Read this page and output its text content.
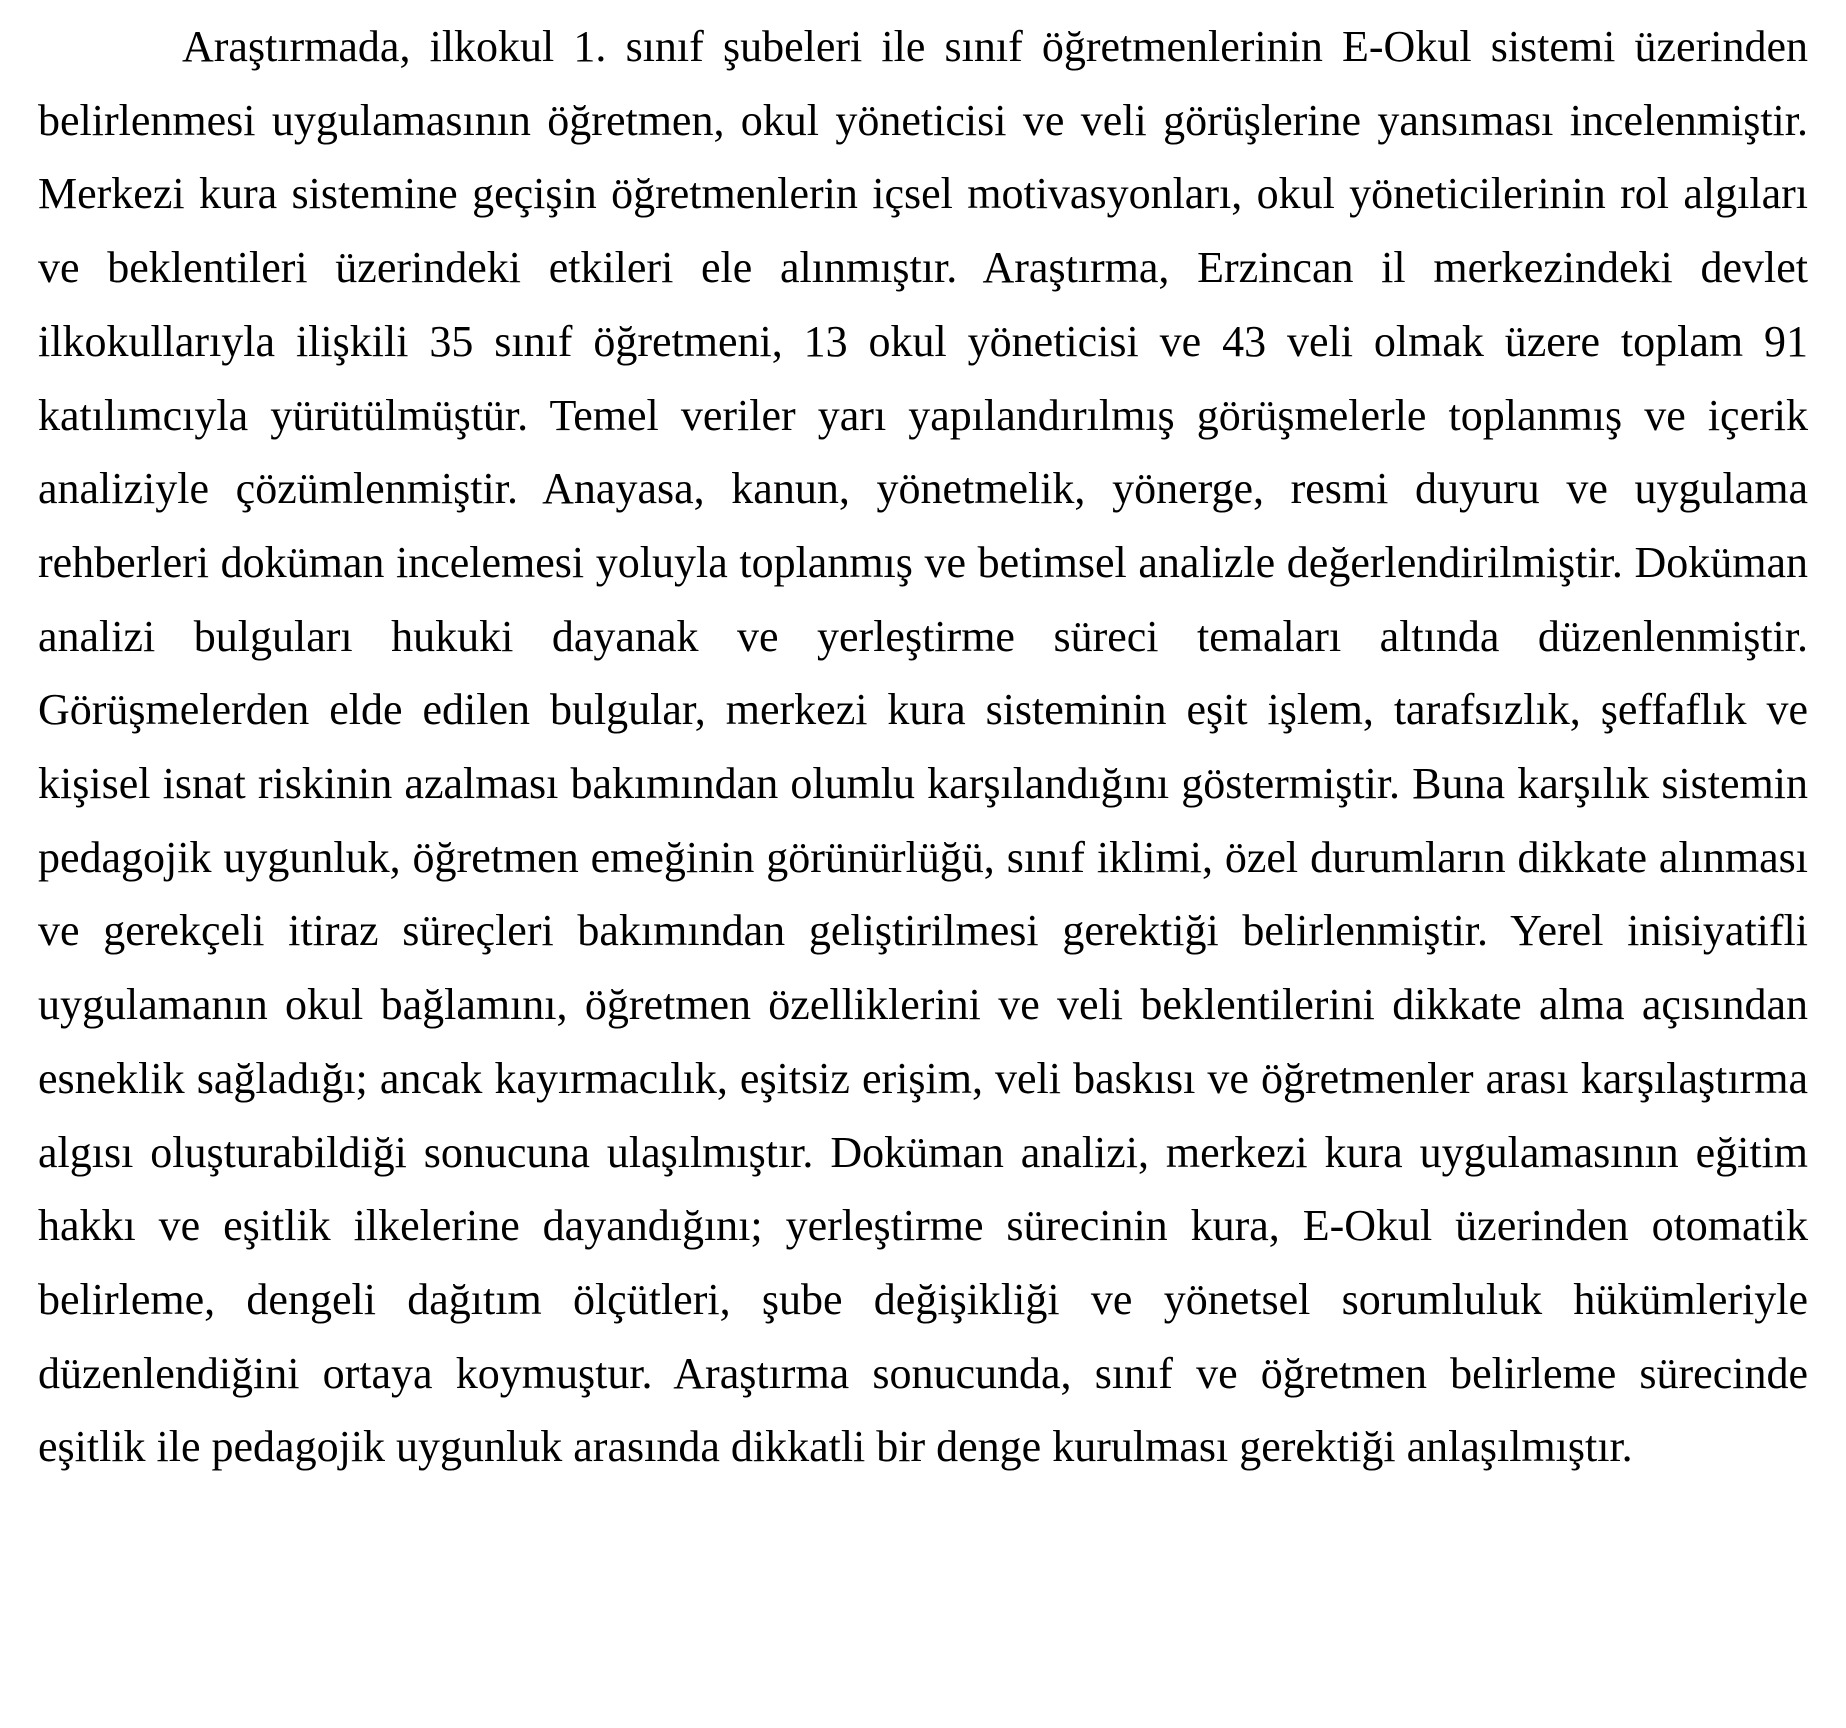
Araştırmada, ilkokul 1. sınıf şubeleri ile sınıf öğretmenlerinin E-Okul sistemi üzerinden belirlenmesi uygulamasının öğretmen, okul yöneticisi ve veli görüşlerine yansıması incelenmiştir. Merkezi kura sistemine geçişin öğretmenlerin içsel motivasyonları, okul yöneticilerinin rol algıları ve beklentileri üzerindeki etkileri ele alınmıştır. Araştırma, Erzincan il merkezindeki devlet ilkokullarıyla ilişkili 35 sınıf öğretmeni, 13 okul yöneticisi ve 43 veli olmak üzere toplam 91 katılımcıyla yürütülmüştür. Temel veriler yarı yapılandırılmış görüşmelerle toplanmış ve içerik analiziyle çözümlenmiştir. Anayasa, kanun, yönetmelik, yönerge, resmi duyuru ve uygulama rehberleri doküman incelemesi yoluyla toplanmış ve betimsel analizle değerlendirilmiştir. Doküman analizi bulguları hukuki dayanak ve yerleştirme süreci temaları altında düzenlenmiştir. Görüşmelerden elde edilen bulgular, merkezi kura sisteminin eşit işlem, tarafsızlık, şeffaflık ve kişisel isnat riskinin azalması bakımından olumlu karşılandığını göstermiştir. Buna karşılık sistemin pedagojik uygunluk, öğretmen emeğinin görünürlüğü, sınıf iklimi, özel durumların dikkate alınması ve gerekçeli itiraz süreçleri bakımından geliştirilmesi gerektiği belirlenmiştir. Yerel inisiyatifli uygulamanın okul bağlamını, öğretmen özelliklerini ve veli beklentilerini dikkate alma açısından esneklik sağladığı; ancak kayırmacılık, eşitsiz erişim, veli baskısı ve öğretmenler arası karşılaştırma algısı oluşturabildiği sonucuna ulaşılmıştır. Doküman analizi, merkezi kura uygulamasının eğitim hakkı ve eşitlik ilkelerine dayandığını; yerleştirme sürecinin kura, E-Okul üzerinden otomatik belirleme, dengeli dağıtım ölçütleri, şube değişikliği ve yönetsel sorumluluk hükümleriyle düzenlendiğini ortaya koymuştur. Araştırma sonucunda, sınıf ve öğretmen belirleme sürecinde eşitlik ile pedagojik uygunluk arasında dikkatli bir denge kurulması gerektiği anlaşılmıştır.
